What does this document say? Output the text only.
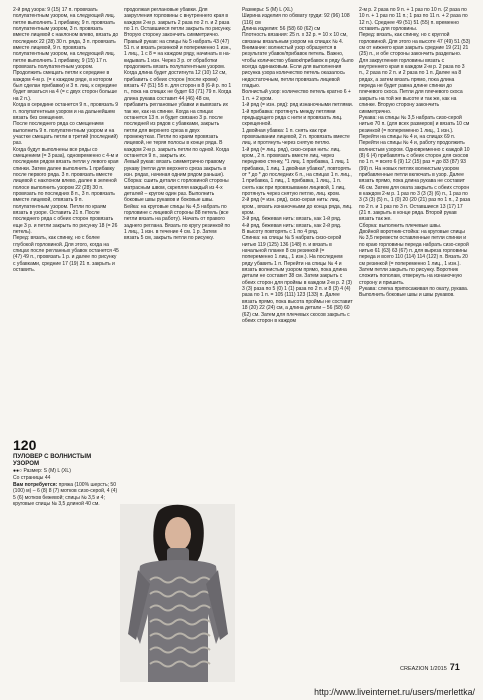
2-й ряд узора: 9 (15) 17 п. провязать полупатентным узором, на следующей лиц. петле выполнить 1 прибавку, 9 п. провязать полупатентным узором, 3 п. провязать вместе лицевой с наклоном влево, вязать до последних 22 (28) 30 п. ряда, 3 п. провязать вместе лицевой, 9 п. провязать полупатентным узором, на следующей лиц. петле выполнить 1 прибавку, 9 (15) 17 п. провязать полупатентным узором.
Продолжить смещать петли к середине в каждом 4-м р. (= к каждом ряде, в котором был сделан прибавки) и 3 п. лиц. к середине будет вязаться на 4 (= с двух сторон больше на 2 п.).
Когда в середине останется 9 п., провязать 9 п. полупатентным узором и на дальнейшем вязать без смещения.
После последнего ряда со смещением выполнить 9 п. полупатентным узором и на участке смещать петли в третий (последний) раз.
Когда будут выполнены все ряды со смещением (= 3 раза), одновременно с 4-м и последним рядом вязать петли у левого края спинки. Затем далее выполнить 1 прибавку после первого ряда. 3 п. провязать вместе лицевой с наклоном влево, далее в зеленой полосе выполнить узором 22 (28) 30 п. провязать по последних 8 п., 3 п. провязать вместе лицевой, отвязать 9 п. полупатентным узором. Петли по краям вязать в узоре. Оставить 21 п. После последнего ряда с обеих сторон провязать еще 3 р. и петли закрыть по рисунку 18 (= 26 петель).
Перед: вязать, как спинку, но с более глубокой горловиной. Для этого, когда на спицах после регланных убавок останется 45 (47) 49 п., провязать 1 р. и далее по рисунку с убавками, средние 17 (19) 21 п. закрыть и оставить.
продолжая реглановые убавки. Для закругления горловины с внутреннего края в каждом 2-м р. закрыть 2 раза по 2 п. и 2 раза по 1 п. Оставшиеся петли закрыть по рисунку. Вторую сторону закончить симметрично.
Правый рукав: на спицы № 5 набрать 43 (47) 51 п. и вязать резинкой и попеременно 1 изн., 1 лиц., 1 с 8 = на каждом ряду, начинать в на-кидывать 1 изн. Через 3 р. от обработки продолжить вязать полупатентным узором. Когда длина будет достигнута 12 (10) 12 см, прибавить с обеих сторон (после кромк) вязать 47 (51) 55 п. для сторон в 8 (6-й р. по 1 п., пока на спицах не будет 63 (71) 79 п. Когда длина рукава составит 44 (46) 48 см, прибавить реглановые убавки и вывязать их так же, как на спинке. Когда на спицах останется 13 п. и будет связано 3 р. после последней из рядов с убавками, закрыть петли для верхнего среза в двух промежутках. Петли по краям провязать лицевой, не теряя полосы в конце ряда. В каждом 2-м р. закрыть петли по одной. Когда останется 9 п., закрыть их.
Левый рукав: вязать симметрично правому рукаву (петли для верхнего среза закрыть в изн. рядах, начиная одним рядом раньше).
Сборка: сшить детали с горловиной стороны матрасным швом, скрепляя каждый из 4-х деталей – кругом один раз. Выполнить боковые швы рукавов и боковые швы.
Бейка: на круговые спицы № 4,5 набрать по горловине с лицевой стороны 88 петель (все петли вязать на работу). Начать от правого заднего реглана. Вязать по кругу резинкой по 1 лиц., 1 изн. в течение 4 см. 1 р. Затем вязать 5 см, закрыть петли по рисунку.
Размеры: S (M) L (XL)
Ширина изделия по обхвату груди: 92 (96) 108 (116) см
Длина изделия: 56 (58) 60 (62) см
Плотность вязания: 25 п. х 32 р. = 10 х 10 см, связаны вязальным узором на спицах № 4.
Внимание: волнистый узор образуется в результате убавок/прибавок петель. Важно, чтобы количество убавок/прибавок в ряду было всегда одинаковым. Если для выполнения рисунка узора количество петель оказалось недостаточным, петли провязать лицевой гладью.
Волнистый узор: количество петель кратно 6 + 1 п. + 2 кром.
1-й ряд (= изн. ряд): ряд изнаночными петлями.
1-й прибавка: протянуть между петлями предыдущего ряда с нити и провязать лиц. скрещенной.
1 двойная убавка: 1 п. снять как при провязывании лицевой, 2 п. провязать вместе лиц. и протянуть через снятую петлю.
1-й ряд (= лиц. ряд), сизо-серая нить: лиц. кром., 2 п. провязать вместе лиц. через переднюю стенку, *1 лиц. 1 прибавка, 1 лиц. 1 прибавка, 1 лиц. 1 двойная убавка*, повторять от * до * до последних 6 п., на спицах 1 п. лиц., 1 прибавка, 1 лиц., 1 прибавка, 1 лиц., 1 п. снять как при провязывании лицевой, 1 лиц. протянуть через снятую петлю, лиц. кром.
2-й ряд (= изн. ряд), сизо-серая нить: лиц. кром., вязать изнаночными до конца ряда, лиц. кром.
3-й ряд, бежевая нить: вязать, как 1-й ряд.
4-й ряд, бежевая нить: вязать, как 2-й ряд.
В высоту повторять с 1 по 4 ряд.
Спинка: на спицы № 5 набрать сизо-серой нитью 119 (125) 136 (148) п. и вязать в начальной планке 8 см резинкой (= попеременно 1 лиц., 1 изн.). На последнем ряду убавить 1 п. Перейти на спицы № 4 и вязать волнистым узором прямо, пока длина детали не составит 38 см. Затем закрыть с обеих сторон для проймы в каждом 2-м р. 2 (3) 3 (3) раза по 5 (0) 1 (1) раза по 2 п. и 8 (3) 4 (4) раза по 1 п. = 105 (111) 123 (133) п. Далее вязать прямо, пока высота проймы не составит 18 (20) 22 (24) см, а длина детали – 56 (58) 60 (62) см. Затем для плечевых скосов закрыть с обеих сторон в каждом
2-м р. 2 раза по 9 п. + 1 раз по 10 п. (2 раза по 10 п. + 1 раз по 11 п.; 1 раз по 11 п. + 2 раза по 12 п.). Среднее 49 (51) 51 (55) п. временно оставить для горловины.
Перед: вязать, как спинку, но с круглой горловиной. Для этого на высоте 47 (49) 51 (53) см от нижнего края закрыть средние 19 (21) 21 (25) п., и обе стороны закончить раздельно. Для закругления горловины вязать с внутреннего края в каждом 2-м р. 2 раза по 3 п., 2 раза по 2 п. и 2 раза по 1 п. Далее на 8 рядах, а затем вязать прямо, пока длина переда не будет равна длине спинки до плечевого скоса. Петли для плечевого скоса закрыть на той же высоте и так же, как на спинке. Вторую сторону закончить симметрично.
Рукава: на спицы № 3,5 набрать сизо-серой нитью 70 п. (для всех размеров) и вязать 10 см резинкой (= попеременно 1 лиц., 1 изн.). Перейти на спицы № 4 и, на спицах 69 п. Перейти на спицы № 4 и, работу продолжить волнистым узором. Одновременно с каждой 10 (8) 6 (4) прибавлять с обеих сторон для скосов по 1 п. = всего 6 (9) 12 (15) раз = до 83 (87) 93 (99) п. На новых петлях волнистым узором прибавленные петли включать в узор. Далее вязать прямо, пока длина рукава не составит 46 см. Затем для оката закрыть с обеих сторон в каждом 2-м р. 1 раз по 3 (3 (3) (6) п., 1 раз по 3 (3 (3) (5) п., 1 (0) 20 (20 (21) раз по 1 п., 2 раза по 2 п. и 1 раз по 3 п. Оставшиеся 13 (17) 17 (21 п. закрыть в конце ряда. Второй рукав вязать так же.
Сборка: выполнить плечевые швы.
Двойной воротник-стойка: на круговые спицы № 3,5 перевести оставленные петли спинки и по краю горловины переда набрать сизо-серой нитью 61 (63) 63 (67) п. для выреза горловины переда и всего 110 (114) 114 (122) п. Вязать 20 см резинкой (= попеременно 1 лиц., 1 изн.). Затем петли закрыть по рисунку. Воротник сложить пополам, отвернуть на изнаночную сторону и пришить.
Рукава: слегка припосаживая по окату, рукава. Выполнить боковые швы и швы рукавов.
120
ПУЛОВЕР С ВОЛНИСТЫМ
УЗОРОМ
●●○ Размер: S (M) L (XL)
Со страницы 44
Вам потребуется: пряжа (100% шерсть; 50 (100) м) – 6 (8) 8 (7) мотков сизо-серой, 4 (4) 5 (6) мотков бежевой; спицы № 3,5 и 4; круговые спицы № 3,5 длиной 40 см.
CREAZION 1/2015 71
http://www.liveinternet.ru/users/merlettka/
